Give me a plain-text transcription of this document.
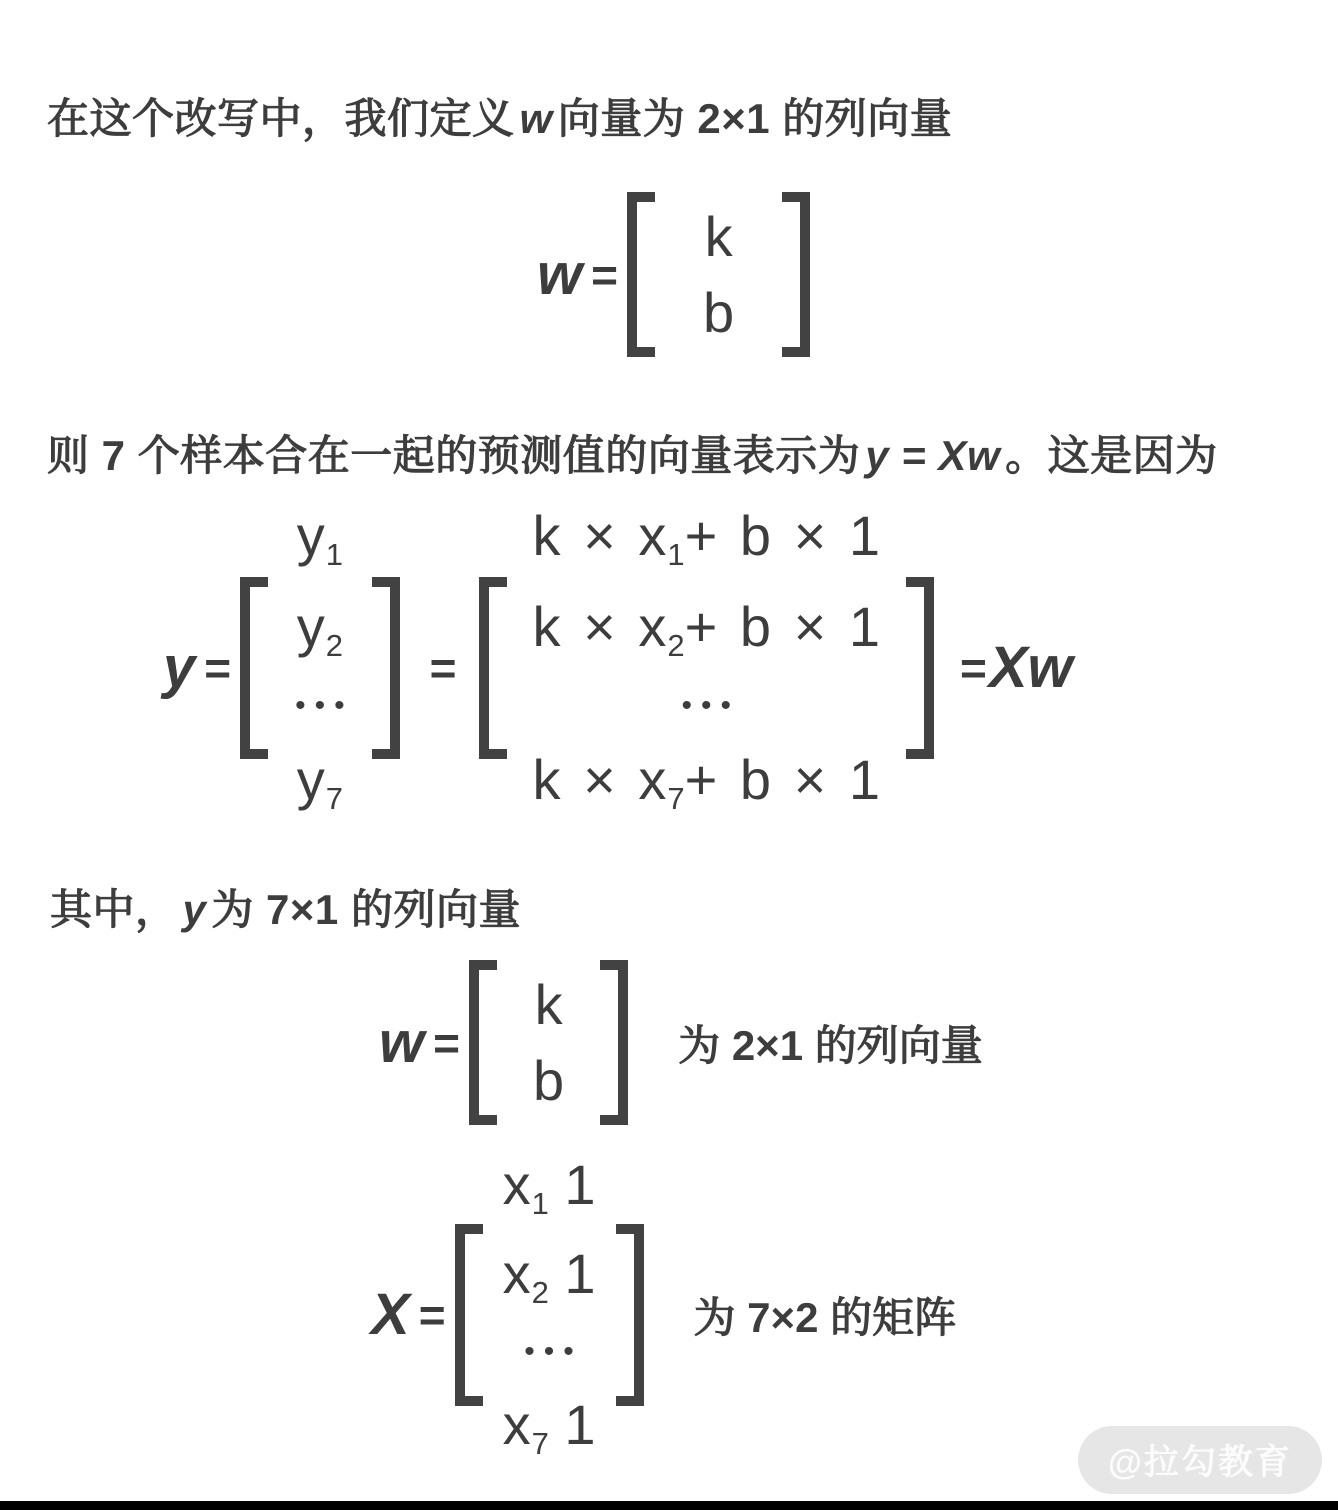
在这个改写中，我们定义 w 向量为 2×1 的列向量

w =
k
b

则 7 个样本合在一起的预测值的向量表示为 y = Xw 。这是因为

y =
$y_1$
$y_2$
•••
$y_7$
=
$k \times x_1+ b \times 1$
$k \times x_2+ b \times 1$
•••
$k \times x_7+ b \times 1$
= Xw

其中， y 为 7×1 的列向量

w =
k
b
为 2×1 的列向量
X =
$x_1$ 1
$x_2$ 1
•••
$x_7$ 1
为 7×2 的矩阵
@拉勾教育
